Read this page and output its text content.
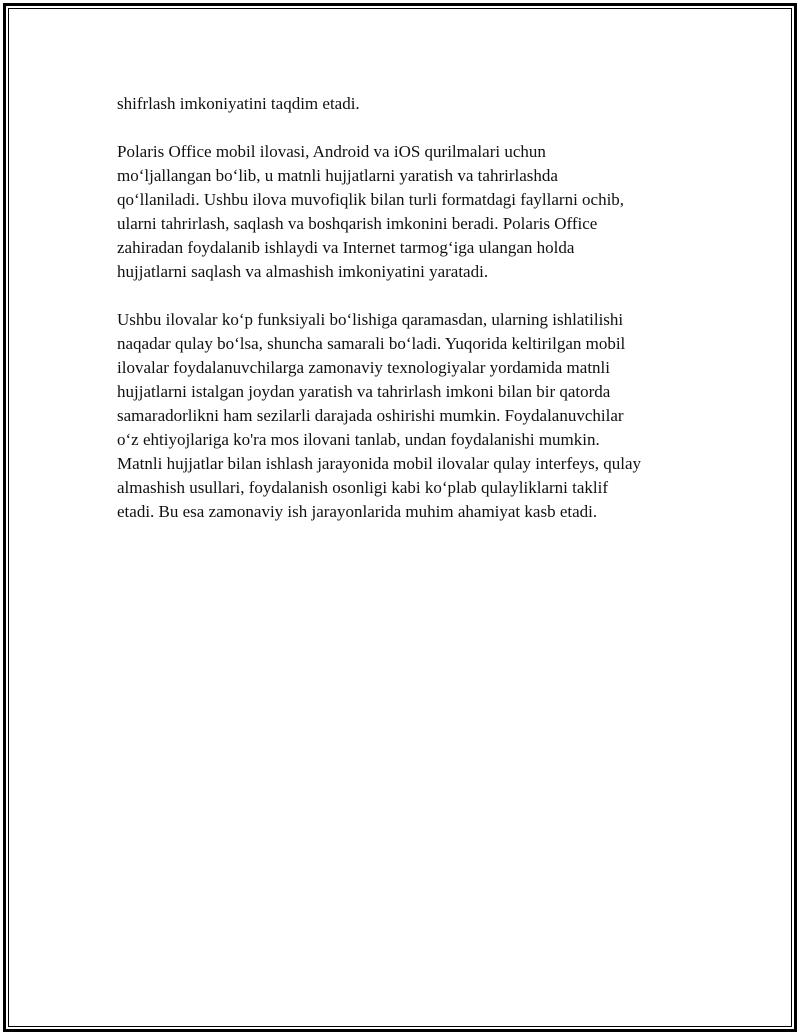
shifrlash imkoniyatini taqdim etadi.

Polaris Office mobil ilovasi, Android va iOS qurilmalari uchun
mo‘ljallangan bo‘lib, u matnli hujjatlarni yaratish va tahrirlashda
qo‘llaniladi. Ushbu ilova muvofiqlik bilan turli formatdagi fayllarni ochib,
ularni tahrirlash, saqlash va boshqarish imkonini beradi. Polaris Office
zahiradan foydalanib ishlaydi va Internet tarmog‘iga ulangan holda
hujjatlarni saqlash va almashish imkoniyatini yaratadi.

Ushbu ilovalar ko‘p funksiyali bo‘lishiga qaramasdan, ularning ishlatilishi
naqadar qulay bo‘lsa, shuncha samarali bo‘ladi. Yuqorida keltirilgan mobil
ilovalar foydalanuvchilarga zamonaviy texnologiyalar yordamida matnli
hujjatlarni istalgan joydan yaratish va tahrirlash imkoni bilan bir qatorda
samaradorlikni ham sezilarli darajada oshirishi mumkin. Foydalanuvchilar
o‘z ehtiyojlariga ko'ra mos ilovani tanlab, undan foydalanishi mumkin.
Matnli hujjatlar bilan ishlash jarayonida mobil ilovalar qulay interfeys, qulay
almashish usullari, foydalanish osonligi kabi ko‘plab qulayliklarni taklif
etadi. Bu esa zamonaviy ish jarayonlarida muhim ahamiyat kasb etadi.
